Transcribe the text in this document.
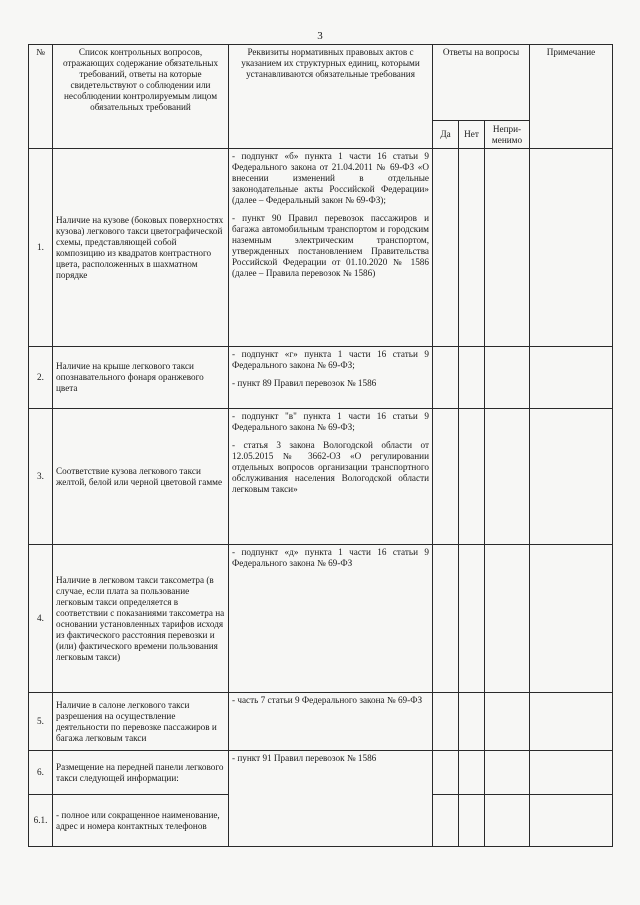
3
№	Список контрольных вопросов, отражающих содержание обязательных требований, ответы на которые свидетельствуют о соблюдении или несоблюдении контролируемым лицом обязательных требований	Реквизиты нормативных правовых актов с указанием их структурных единиц, которыми устанавливаются обязательные требования	Ответы на вопросы			Примечание
			Да	Нет	Непри-менимо	
1.	Наличие на кузове (боковых поверхностях кузова) легкового такси цветографической схемы, представляющей собой композицию из квадратов контрастного цвета, расположенных в шахматном порядке	- подпункт «б» пункта 1 части 16 статьи 9 Федерального закона от 21.04.2011 № 69-ФЗ «О внесении изменений в отдельные законодательные акты Российской Федерации» (далее – Федеральный закон № 69-ФЗ);

- пункт 90 Правил перевозок пассажиров и багажа автомобильным транспортом и городским наземным электрическим транспортом, утвержденных постановлением Правительства Российской Федерации от 01.10.2020 № 1586 (далее – Правила перевозок № 1586)				

2.	Наличие на крыше легкового такси опознавательного фонаря оранжевого цвета	- подпункт «г» пункта 1 части 16 статьи 9 Федерального закона № 69-ФЗ;

- пункт 89 Правил перевозок № 1586				

3.	Соответствие кузова легкового такси желтой, белой или черной цветовой гамме	- подпункт "в" пункта 1 части 16 статьи 9 Федерального закона № 69-ФЗ;

- статья 3 закона Вологодской области от 12.05.2015 № 3662-ОЗ «О регулировании отдельных вопросов организации транспортного обслуживания населения Вологодской области легковым такси»				

4.	Наличие в легковом такси таксометра (в случае, если плата за пользование легковым такси определяется в соответствии с показаниями таксометра на основании установленных тарифов исходя из фактического расстояния перевозки и (или) фактического времени пользования легковым такси)	- подпункт «д» пункта 1 части 16 статьи 9 Федерального закона № 69-ФЗ				

5.	Наличие в салоне легкового такси разрешения на осуществление деятельности по перевозке пассажиров и багажа легковым такси	- часть 7 статьи 9 Федерального закона № 69-ФЗ				

6.	Размещение на передней панели легкового такси следующей информации:	- пункт 91 Правил перевозок № 1586				

6.1.	- полное или сокращенное наименование, адрес и номера контактных телефонов					
